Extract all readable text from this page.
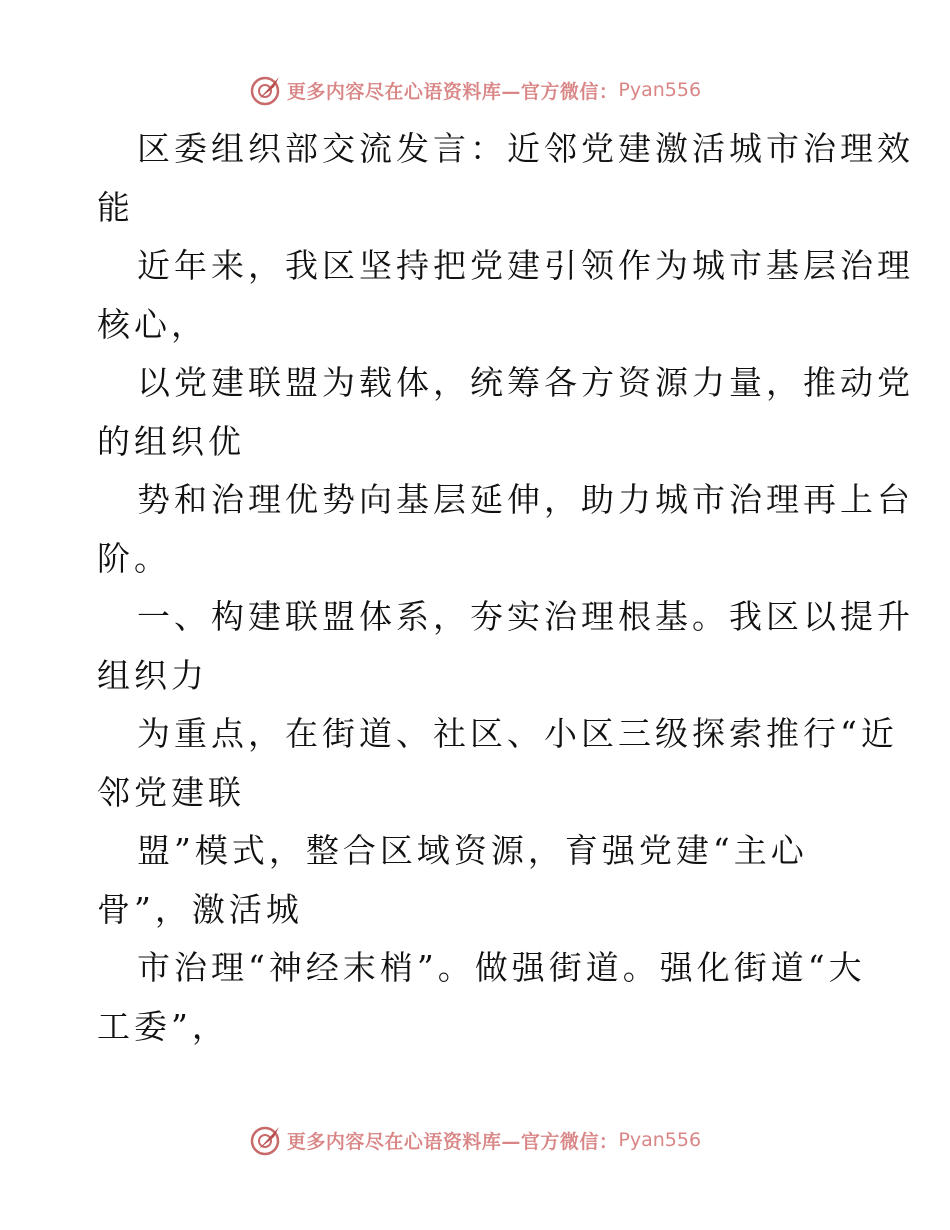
更多内容尽在心语资料库—官方微信： Pyan556
区委组织部交流发言：近邻党建激活城市治理效
能
近年来，我区坚持把党建引领作为城市基层治理
核心，
以党建联盟为载体，统筹各方资源力量，推动党
的组织优
势和治理优势向基层延伸，助力城市治理再上台
阶。
一、构建联盟体系，夯实治理根基。我区以提升
组织力
为重点，在街道、社区、小区三级探索推行“近
邻党建联
盟”模式，整合区域资源，育强党建“主心
骨”，激活城
市治理“神经末梢”。做强街道。强化街道“大
工委”，
更多内容尽在心语资料库—官方微信： Pyan556
